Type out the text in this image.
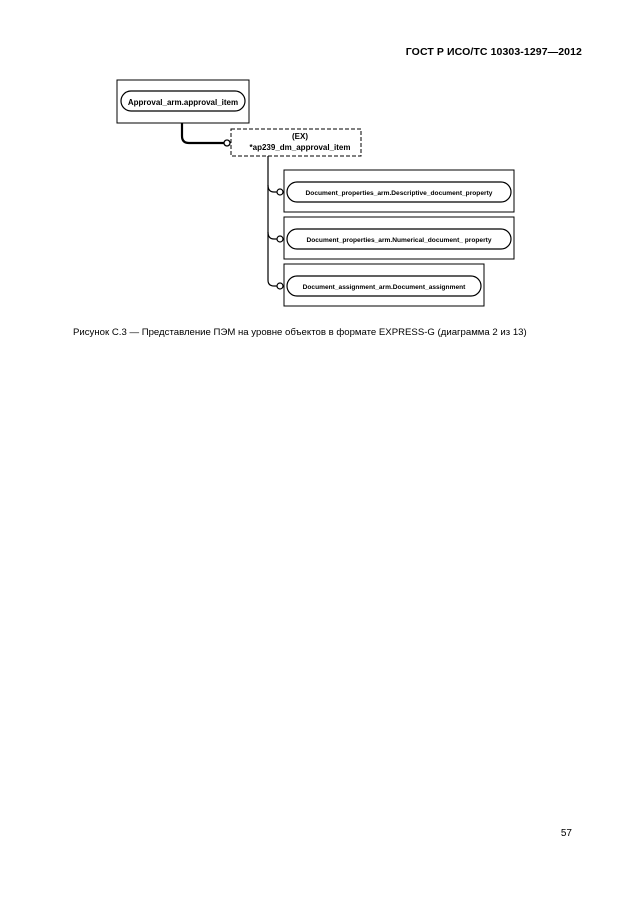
ГОСТ Р ИСО/ТС 10303-1297—2012
Approval_arm.approval_item
(EX)
*ap239_dm_approval_item
Document_properties_arm.Descriptive_document_property
Document_properties_arm.Numerical_document_ property
Document_assignment_arm.Document_assignment
Рисунок С.3 — Представление ПЭМ на уровне объектов в формате EXPRESS-G (диаграмма 2 из 13)
57
